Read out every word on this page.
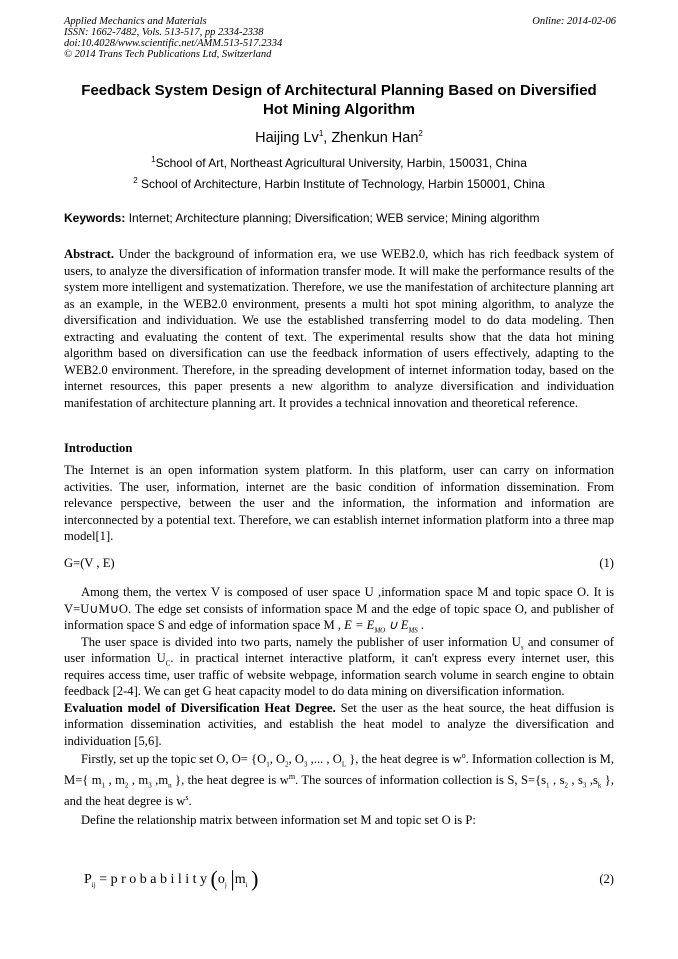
Applied Mechanics and Materials
ISSN: 1662-7482, Vols. 513-517, pp 2334-2338
doi:10.4028/www.scientific.net/AMM.513-517.2334
© 2014 Trans Tech Publications Ltd, Switzerland
Online: 2014-02-06
Feedback System Design of Architectural Planning Based on Diversified
Hot Mining Algorithm
Haijing Lv$^1$, Zhenkun Han$^2$
$^1$School of Art, Northeast Agricultural University, Harbin, 150031, China
$^2$ School of Architecture, Harbin Institute of Technology, Harbin 150001, China
Keywords: Internet; Architecture planning; Diversification; WEB service; Mining algorithm

Abstract. Under the background of information era, we use WEB2.0, which has rich feedback system of users, to analyze the diversification of information transfer mode. It will make the performance results of the system more intelligent and systematization. Therefore, we use the manifestation of architecture planning art as an example, in the WEB2.0 environment, presents a multi hot spot mining algorithm, to analyze the diversification and individuation. We use the established transferring model to do data modeling. Then extracting and evaluating the content of text. The experimental results show that the data hot mining algorithm based on diversification can use the feedback information of users effectively, adapting to the WEB2.0 environment. Therefore, in the spreading development of internet information today, based on the internet resources, this paper presents a new algorithm to analyze diversification and individuation manifestation of architecture planning art. It provides a technical innovation and theoretical reference.

Introduction

The Internet is an open information system platform. In this platform, user can carry on information activities. The user, information, internet are the basic condition of information dissemination. From relevance perspective, between the user and the information, the information and information are interconnected by a potential text. Therefore, we can establish internet information platform into a three map model[1].

G=(V , E)	(1)

Among them, the vertex V is composed of user space U ,information space M and topic space O. It is V=U∪M∪O. The edge set consists of information space M and the edge of topic space O, and publisher of information space S and edge of information space M , $E = E_{MO}$ ∪ $E_{MS}$ .

The user space is divided into two parts, namely the publisher of user information $U_s$ and consumer of user information $U_C$. in practical internet interactive platform, it can't express every internet user, this requires access time, user traffic of website webpage, information search volume in search engine to obtain feedback [2-4]. We can get G heat capacity model to do data mining on diversification information.

Evaluation model of Diversification Heat Degree. Set the user as the heat source, the heat diffusion is information dissemination activities, and establish the heat model to analyze the diversification and individuation [5,6].

Firstly, set up the topic set O, $O= \{O_1$, $O_2$, $O_3$ ,... , $O_L$ }, the heat degree is $w^o$. Information collection is M, M={ $m_1$ , $m_2$ , $m_3$ $,m_n$ }, the heat degree is $w^m$. The sources of information collection is S, $S=\{s_1$ , $s_2$ , $s_3$ $,s_k$ }, and the heat degree is $w^s$.

Define the relationship matrix between information set M and topic set O is P:

$P_{ij} = p$ r o b a b i l i t y ($o_j$ $|m_i$ )	(2)
